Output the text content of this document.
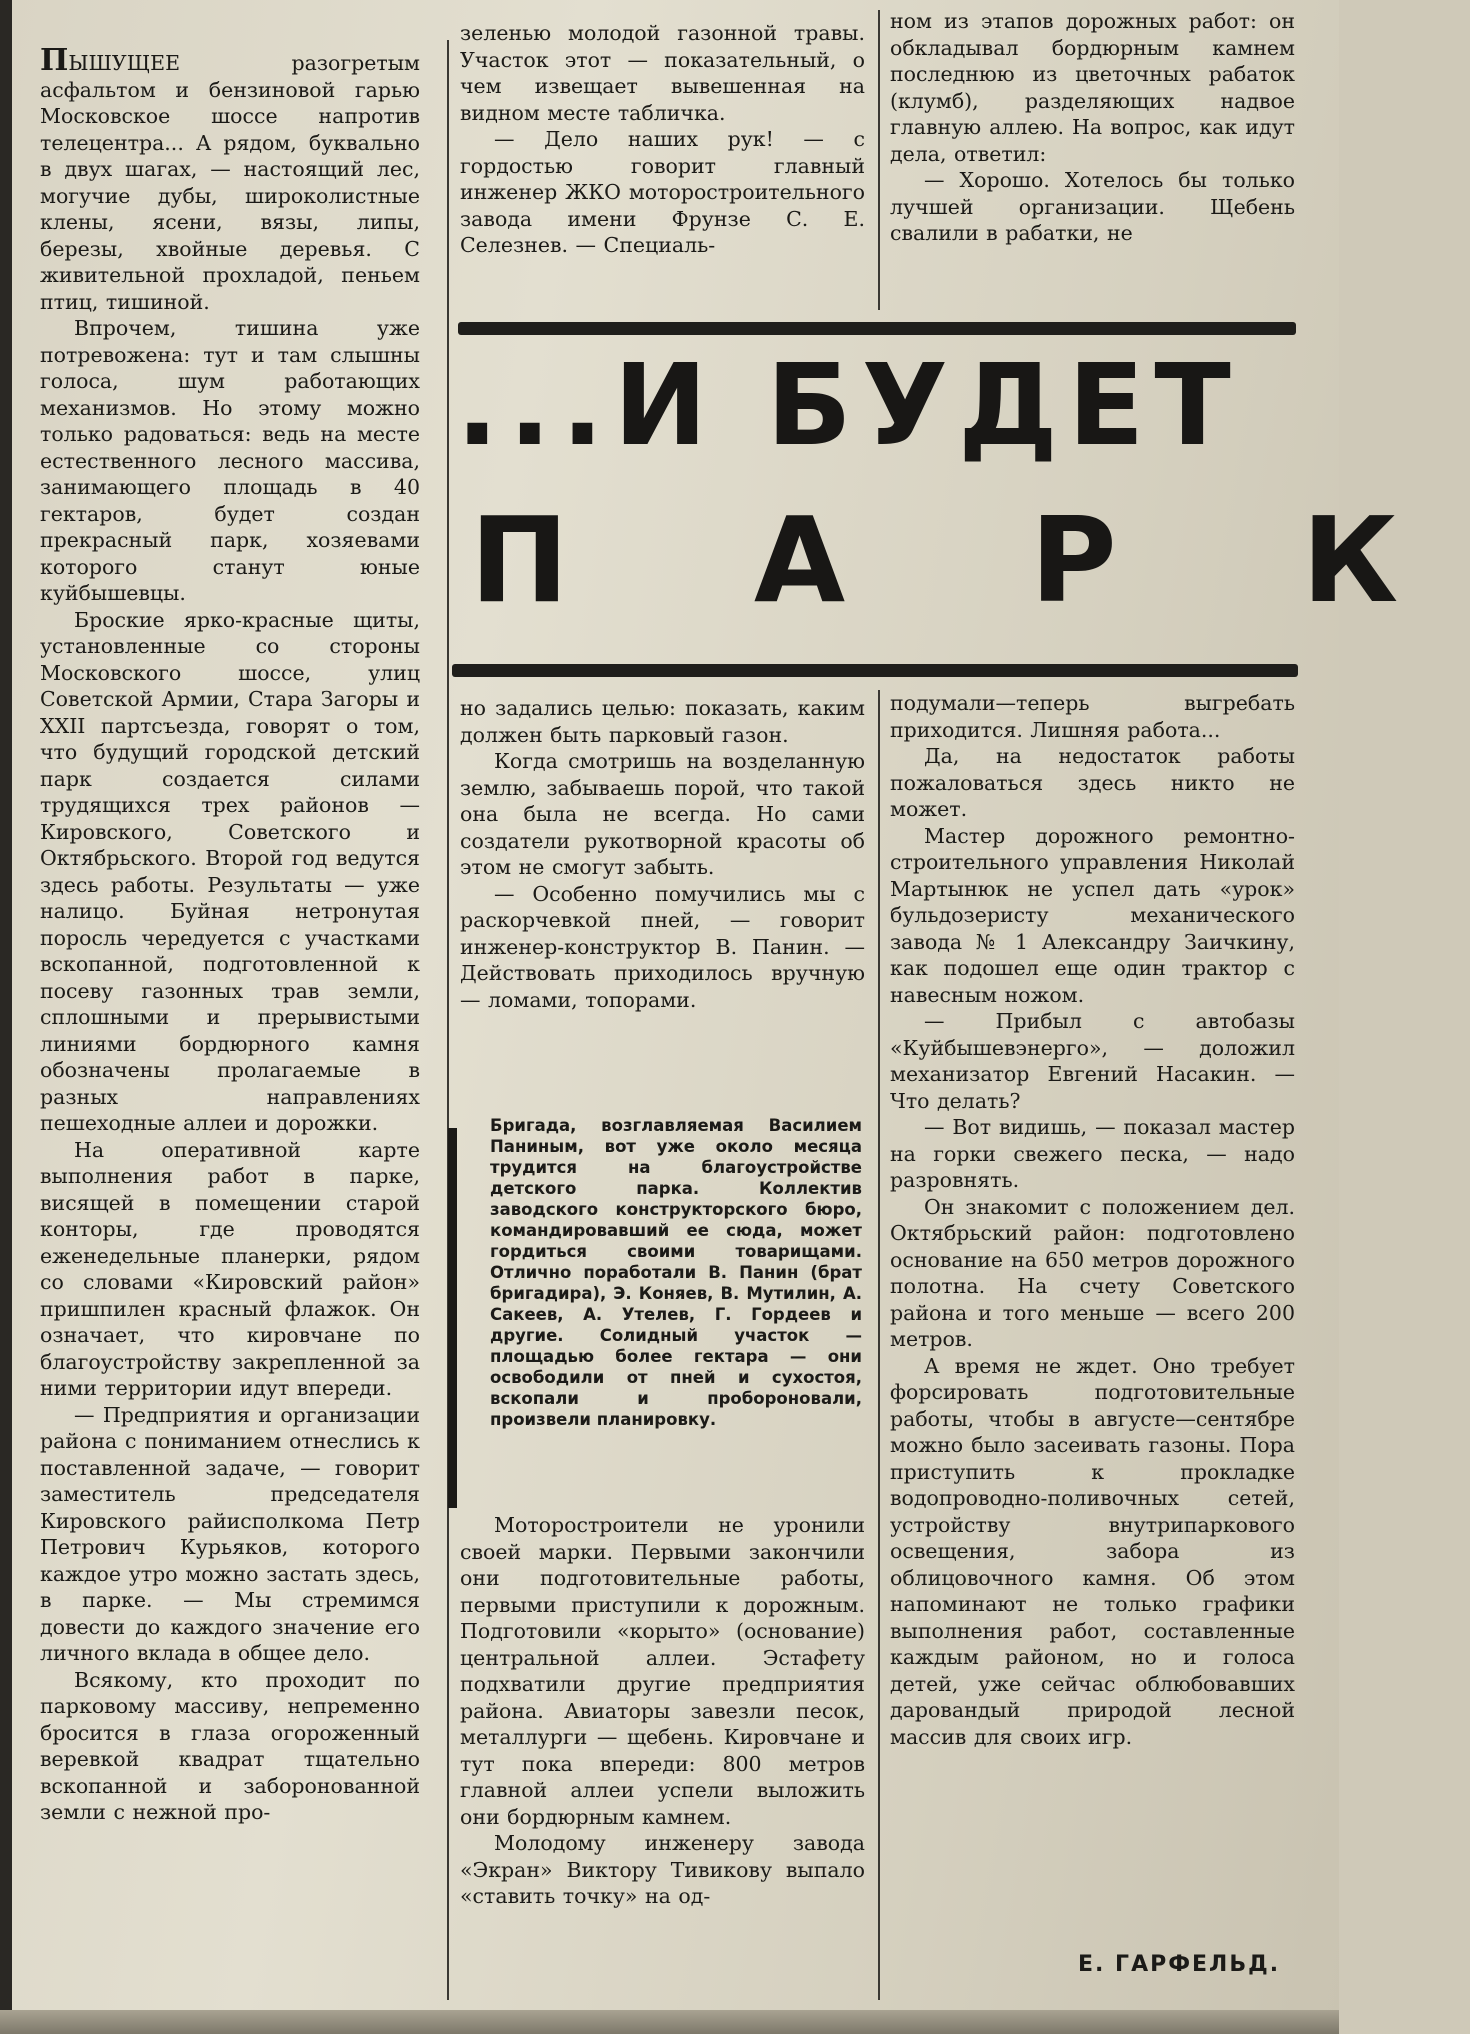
ПЫШУЩЕЕ разогретым асфальтом и бензиновой гарью Московское шоссе напротив телецентра... А рядом, буквально в двух шагах, — настоящий лес, могучие дубы, широколистные клены, ясени, вязы, липы, березы, хвойные деревья. С живительной прохладой, пеньем птиц, тишиной.

Впрочем, тишина уже потревожена: тут и там слышны голоса, шум работающих механизмов. Но этому можно только радоваться: ведь на месте естественного лесного массива, занимающего площадь в 40 гектаров, будет создан прекрасный парк, хозяевами которого станут юные куйбышевцы.

Броские ярко-красные щиты, установленные со стороны Московского шоссе, улиц Советской Армии, Стара Загоры и XXII партсъезда, говорят о том, что будущий городской детский парк создается силами трудящихся трех районов — Кировского, Советского и Октябрьского. Второй год ведутся здесь работы. Результаты — уже налицо. Буйная нетронутая поросль чередуется с участками вскопанной, подготовленной к посеву газонных трав земли, сплошными и прерывистыми линиями бордюрного камня обозначены пролагаемые в разных направлениях пешеходные аллеи и дорожки.

На оперативной карте выполнения работ в парке, висящей в помещении старой конторы, где проводятся еженедельные планерки, рядом со словами «Кировский район» пришпилен красный флажок. Он означает, что кировчане по благоустройству закрепленной за ними территории идут впереди.

— Предприятия и организации района с пониманием отнеслись к поставленной задаче, — говорит заместитель председателя Кировского райисполкома Петр Петрович Курьяков, которого каждое утро можно застать здесь, в парке. — Мы стремимся довести до каждого значение его личного вклада в общее дело.

Всякому, кто проходит по парковому массиву, непременно бросится в глаза огороженный веревкой квадрат тщательно вскопанной и заборонованной земли с нежной про-

зеленью молодой газонной травы. Участок этот — показательный, о чем извещает вывешенная на видном месте табличка.

— Дело наших рук! — с гордостью говорит главный инженер ЖКО моторостроительного завода имени Фрунзе С. Е. Селезнев. — Специаль-

ном из этапов дорожных работ: он обкладывал бордюрным камнем последнюю из цветочных рабаток (клумб), разделяющих надвое главную аллею. На вопрос, как идут дела, ответил:

— Хорошо. Хотелось бы только лучшей организации. Щебень свалили в рабатки, не

...И БУДЕТ
П А Р К

но задались целью: показать, каким должен быть парковый газон.

Когда смотришь на возделанную землю, забываешь порой, что такой она была не всегда. Но сами создатели рукотворной красоты об этом не смогут забыть.

— Особенно помучились мы с раскорчевкой пней, — говорит инженер-конструктор В. Панин. — Действовать приходилось вручную — ломами, топорами.

Бригада, возглавляемая Василием Паниным, вот уже около месяца трудится на благоустройстве детского парка. Коллектив заводского конструкторского бюро, командировавший ее сюда, может гордиться своими товарищами. Отлично поработали В. Панин (брат бригадира), Э. Коняев, В. Мутилин, А. Сакеев, А. Утелев, Г. Гордеев и другие. Солидный участок — площадью более гектара — они освободили от пней и сухостоя, вскопали и пробороновали, произвели планировку.

Моторостроители не уронили своей марки. Первыми закончили они подготовительные работы, первыми приступили к дорожным. Подготовили «корыто» (основание) центральной аллеи. Эстафету подхватили другие предприятия района. Авиаторы завезли песок, металлурги — щебень. Кировчане и тут пока впереди: 800 метров главной аллеи успели выложить они бордюрным камнем.

Молодому инженеру завода «Экран» Виктору Тивикову выпало «ставить точку» на од-

подумали—теперь выгребать приходится. Лишняя работа...

Да, на недостаток работы пожаловаться здесь никто не может.

Мастер дорожного ремонтно-строительного управления Николай Мартынюк не успел дать «урок» бульдозеристу механического завода № 1 Александру Заичкину, как подошел еще один трактор с навесным ножом.

— Прибыл с автобазы «Куйбышевэнерго», — доложил механизатор Евгений Насакин. — Что делать?

— Вот видишь, — показал мастер на горки свежего песка, — надо разровнять.

Он знакомит с положением дел. Октябрьский район: подготовлено основание на 650 метров дорожного полотна. На счету Советского района и того меньше — всего 200 метров.

А время не ждет. Оно требует форсировать подготовительные работы, чтобы в августе—сентябре можно было засеивать газоны. Пора приступить к прокладке водопроводно-поливочных сетей, устройству внутрипаркового освещения, забора из облицовочного камня. Об этом напоминают не только графики выполнения работ, составленные каждым районом, но и голоса детей, уже сейчас облюбовавших даровандый природой лесной массив для своих игр.

Е. ГАРФЕЛЬД.
